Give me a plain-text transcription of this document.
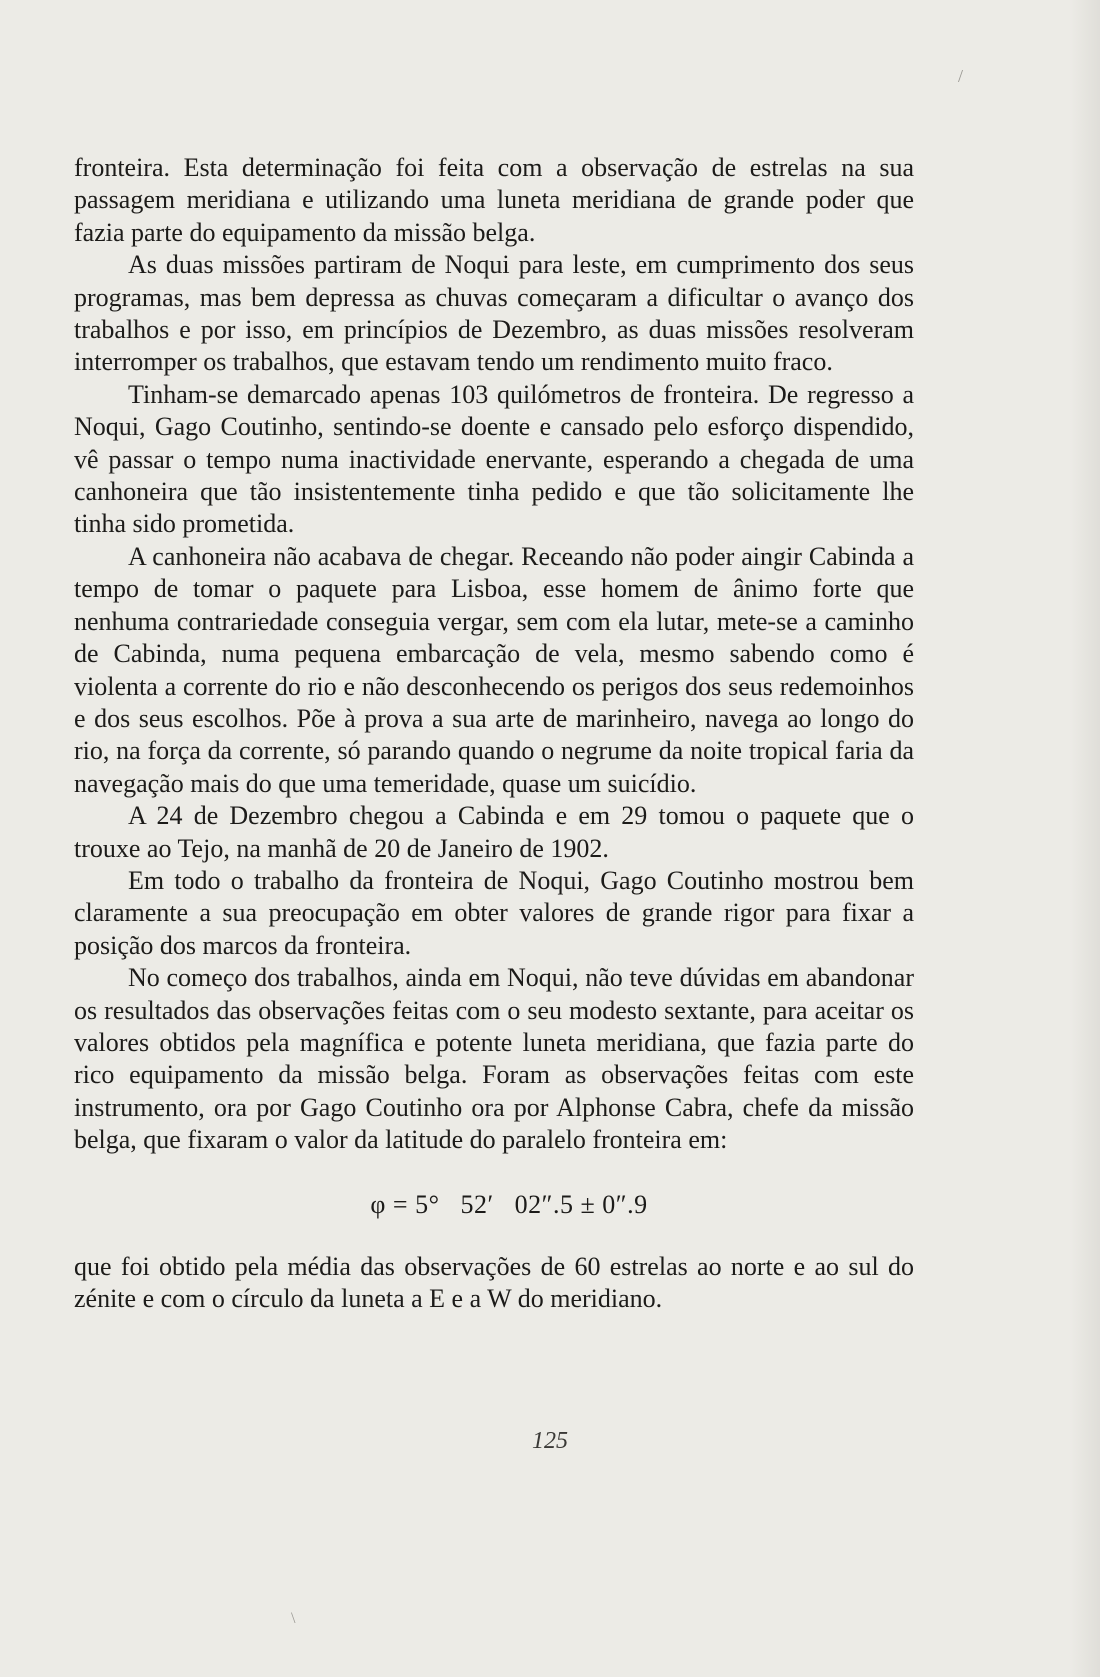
fronteira. Esta determinação foi feita com a observação de estrelas na sua passagem meridiana e utilizando uma luneta meridiana de grande poder que fazia parte do equipamento da missão belga.

As duas missões partiram de Noqui para leste, em cumprimento dos seus programas, mas bem depressa as chuvas começaram a dificultar o avanço dos trabalhos e por isso, em princípios de Dezembro, as duas missões resolveram interromper os trabalhos, que estavam tendo um rendimento muito fraco.

Tinham-se demarcado apenas 103 quilómetros de fronteira. De regresso a Noqui, Gago Coutinho, sentindo-se doente e cansado pelo esforço dispendido, vê passar o tempo numa inactividade enervante, esperando a chegada de uma canhoneira que tão insistentemente tinha pedido e que tão solicitamente lhe tinha sido prometida.

A canhoneira não acabava de chegar. Receando não poder aingir Cabinda a tempo de tomar o paquete para Lisboa, esse homem de ânimo forte que nenhuma contrariedade conseguia vergar, sem com ela lutar, mete-se a caminho de Cabinda, numa pequena embarcação de vela, mesmo sabendo como é violenta a corrente do rio e não desconhecendo os perigos dos seus redemoinhos e dos seus escolhos. Põe à prova a sua arte de marinheiro, navega ao longo do rio, na força da corrente, só parando quando o negrume da noite tropical faria da navegação mais do que uma temeridade, quase um suicídio.

A 24 de Dezembro chegou a Cabinda e em 29 tomou o paquete que o trouxe ao Tejo, na manhã de 20 de Janeiro de 1902.

Em todo o trabalho da fronteira de Noqui, Gago Coutinho mostrou bem claramente a sua preocupação em obter valores de grande rigor para fixar a posição dos marcos da fronteira.

No começo dos trabalhos, ainda em Noqui, não teve dúvidas em abandonar os resultados das observações feitas com o seu modesto sextante, para aceitar os valores obtidos pela magnífica e potente luneta meridiana, que fazia parte do rico equipamento da missão belga. Foram as observações feitas com este instrumento, ora por Gago Coutinho ora por Alphonse Cabra, chefe da missão belga, que fixaram o valor da latitude do paralelo fronteira em:

φ = 5°   52′   02″.5 ± 0″.9

que foi obtido pela média das observações de 60 estrelas ao norte e ao sul do zénite e com o círculo da luneta a E e a W do meridiano.

125
/
\
